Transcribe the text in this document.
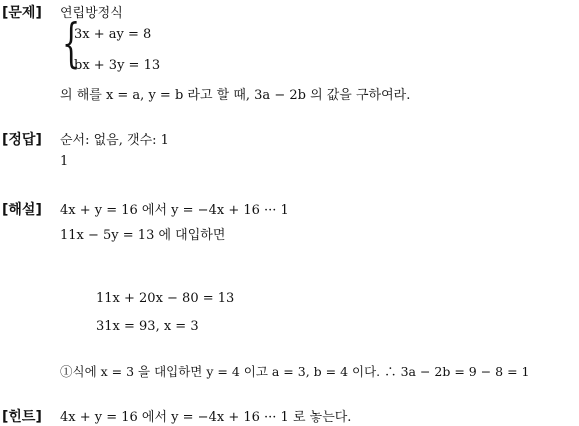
[문제] 연립방정식
{
3x + ay = 8
bx + 3y = 13
의 해를 x = a, y = b 라고 할 때, 3a − 2b 의 값을 구하여라.
[정답] 순서: 없음, 갯수: 1
1
[해설] 4x + y = 16 에서 y = −4x + 16 ··· 1
11x − 5y = 13 에 대입하면
11x + 20x − 80 = 13
31x = 93, x = 3
①식에 x = 3 을 대입하면 y = 4 이고 a = 3, b = 4 이다. ∴ 3a − 2b = 9 − 8 = 1
[힌트] 4x + y = 16 에서 y = −4x + 16 ··· 1 로 놓는다.
